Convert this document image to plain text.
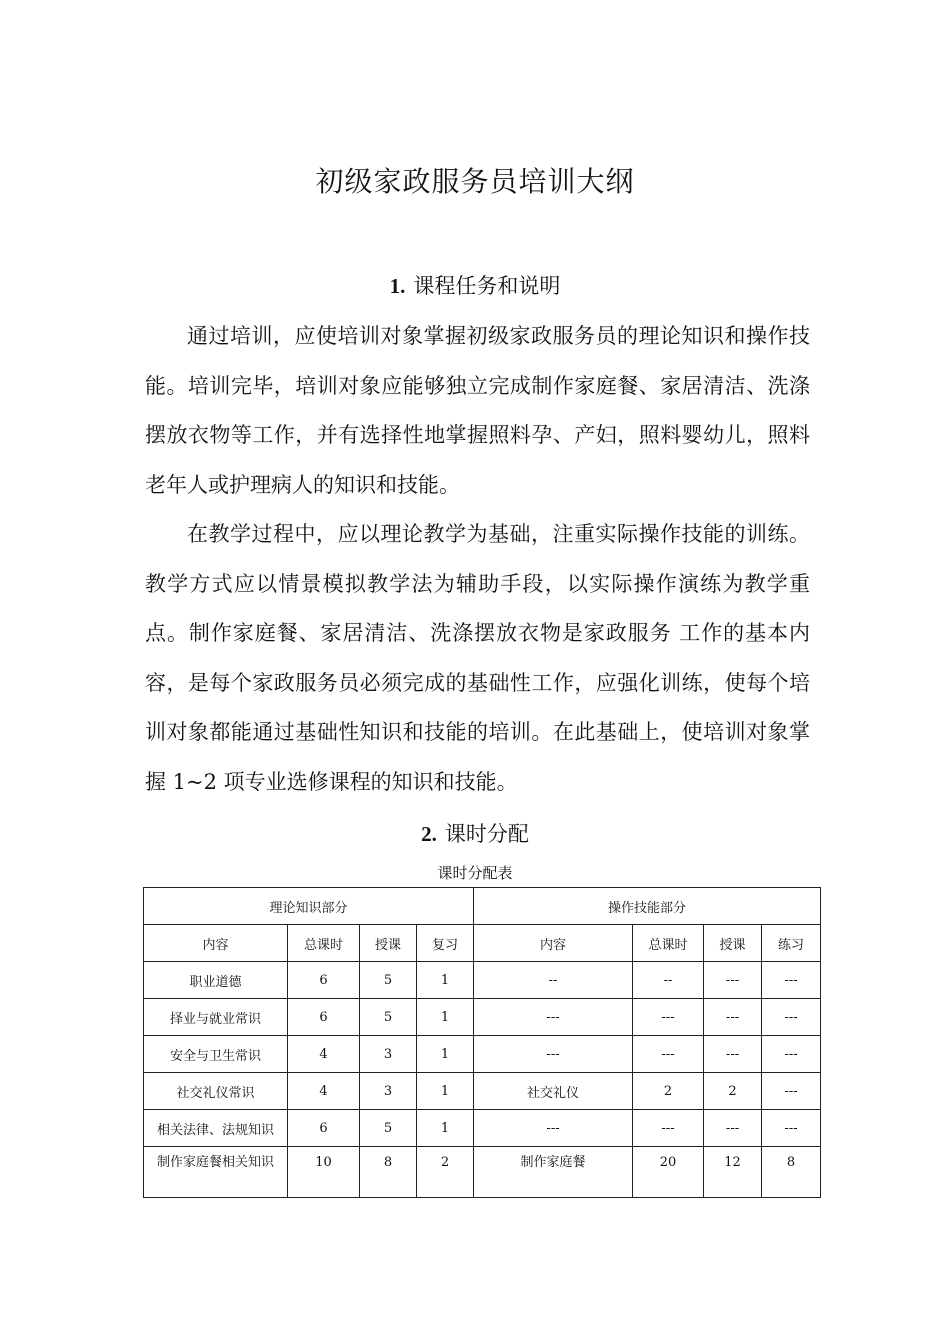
初级家政服务员培训大纲
1. 课程任务和说明

通过培训，应使培训对象掌握初级家政服务员的理论知识和操作技能。培训完毕，培训对象应能够独立完成制作家庭餐、家居清洁、洗涤摆放衣物等工作，并有选择性地掌握照料孕、产妇，照料婴幼儿，照料老年人或护理病人的知识和技能。

在教学过程中，应以理论教学为基础，注重实际操作技能的训练。教学方式应以情景模拟教学法为辅助手段，以实际操作演练为教学重点。制作家庭餐、家居清洁、洗涤摆放衣物是家政服务 工作的基本内容，是每个家政服务员必须完成的基础性工作，应强化训练，使每个培训对象都能通过基础性知识和技能的培训。在此基础上，使培训对象掌握 1~2 项专业选修课程的知识和技能。

2. 课时分配
课时分配表
理论知识部分				操作技能部分			
内容	总课时	授课	复习	内容	总课时	授课	练习
职业道德	6	5	1	--	--	---	---
择业与就业常识	6	5	1	---	---	---	---
安全与卫生常识	4	3	1	---	---	---	---
社交礼仪常识	4	3	1	社交礼仪	2	2	---
相关法律、法规知识	6	5	1	---	---	---	---
制作家庭餐相关知识	10	8	2	制作家庭餐	20	12	8
